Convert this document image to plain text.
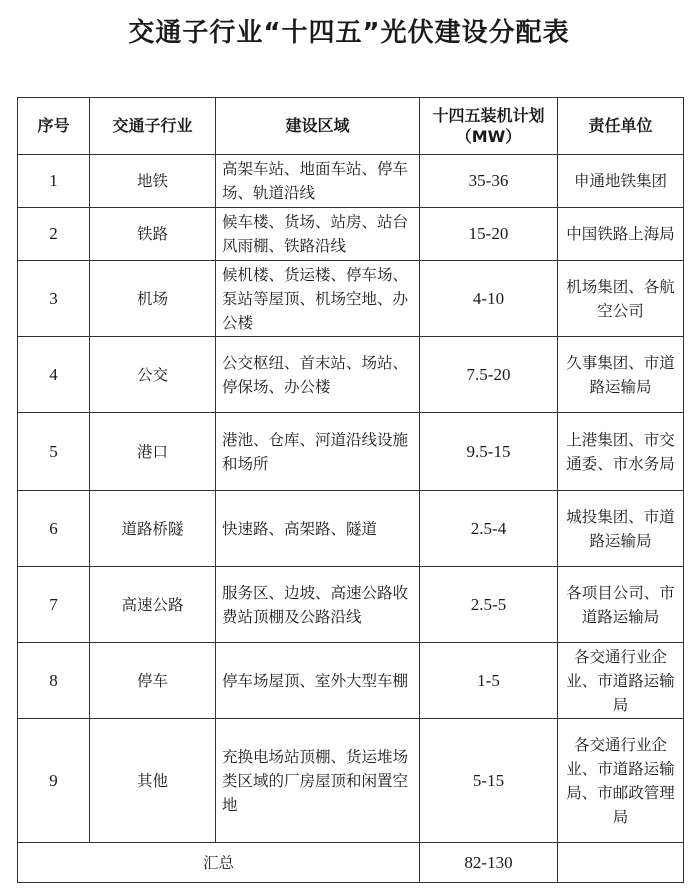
交通子行业“十四五”光伏建设分配表
序号	交通子行业	建设区域	十四五装机计划（MW）	责任单位
1	地铁	高架车站、地面车站、停车场、轨道沿线	35-36	申通地铁集团
2	铁路	候车楼、货场、站房、站台风雨棚、铁路沿线	15-20	中国铁路上海局
3	机场	候机楼、货运楼、停车场、泵站等屋顶、机场空地、办公楼	4-10	机场集团、各航空公司
4	公交	公交枢纽、首末站、场站、停保场、办公楼	7.5-20	久事集团、市道路运输局
5	港口	港池、仓库、河道沿线设施和场所	9.5-15	上港集团、市交通委、市水务局
6	道路桥隧	快速路、高架路、隧道	2.5-4	城投集团、市道路运输局
7	高速公路	服务区、边坡、高速公路收费站顶棚及公路沿线	2.5-5	各项目公司、市道路运输局
8	停车	停车场屋顶、室外大型车棚	1-5	各交通行业企业、市道路运输局
9	其他	充换电场站顶棚、货运堆场类区域的厂房屋顶和闲置空地	5-15	各交通行业企业、市道路运输局、市邮政管理局
汇总			82-130	
